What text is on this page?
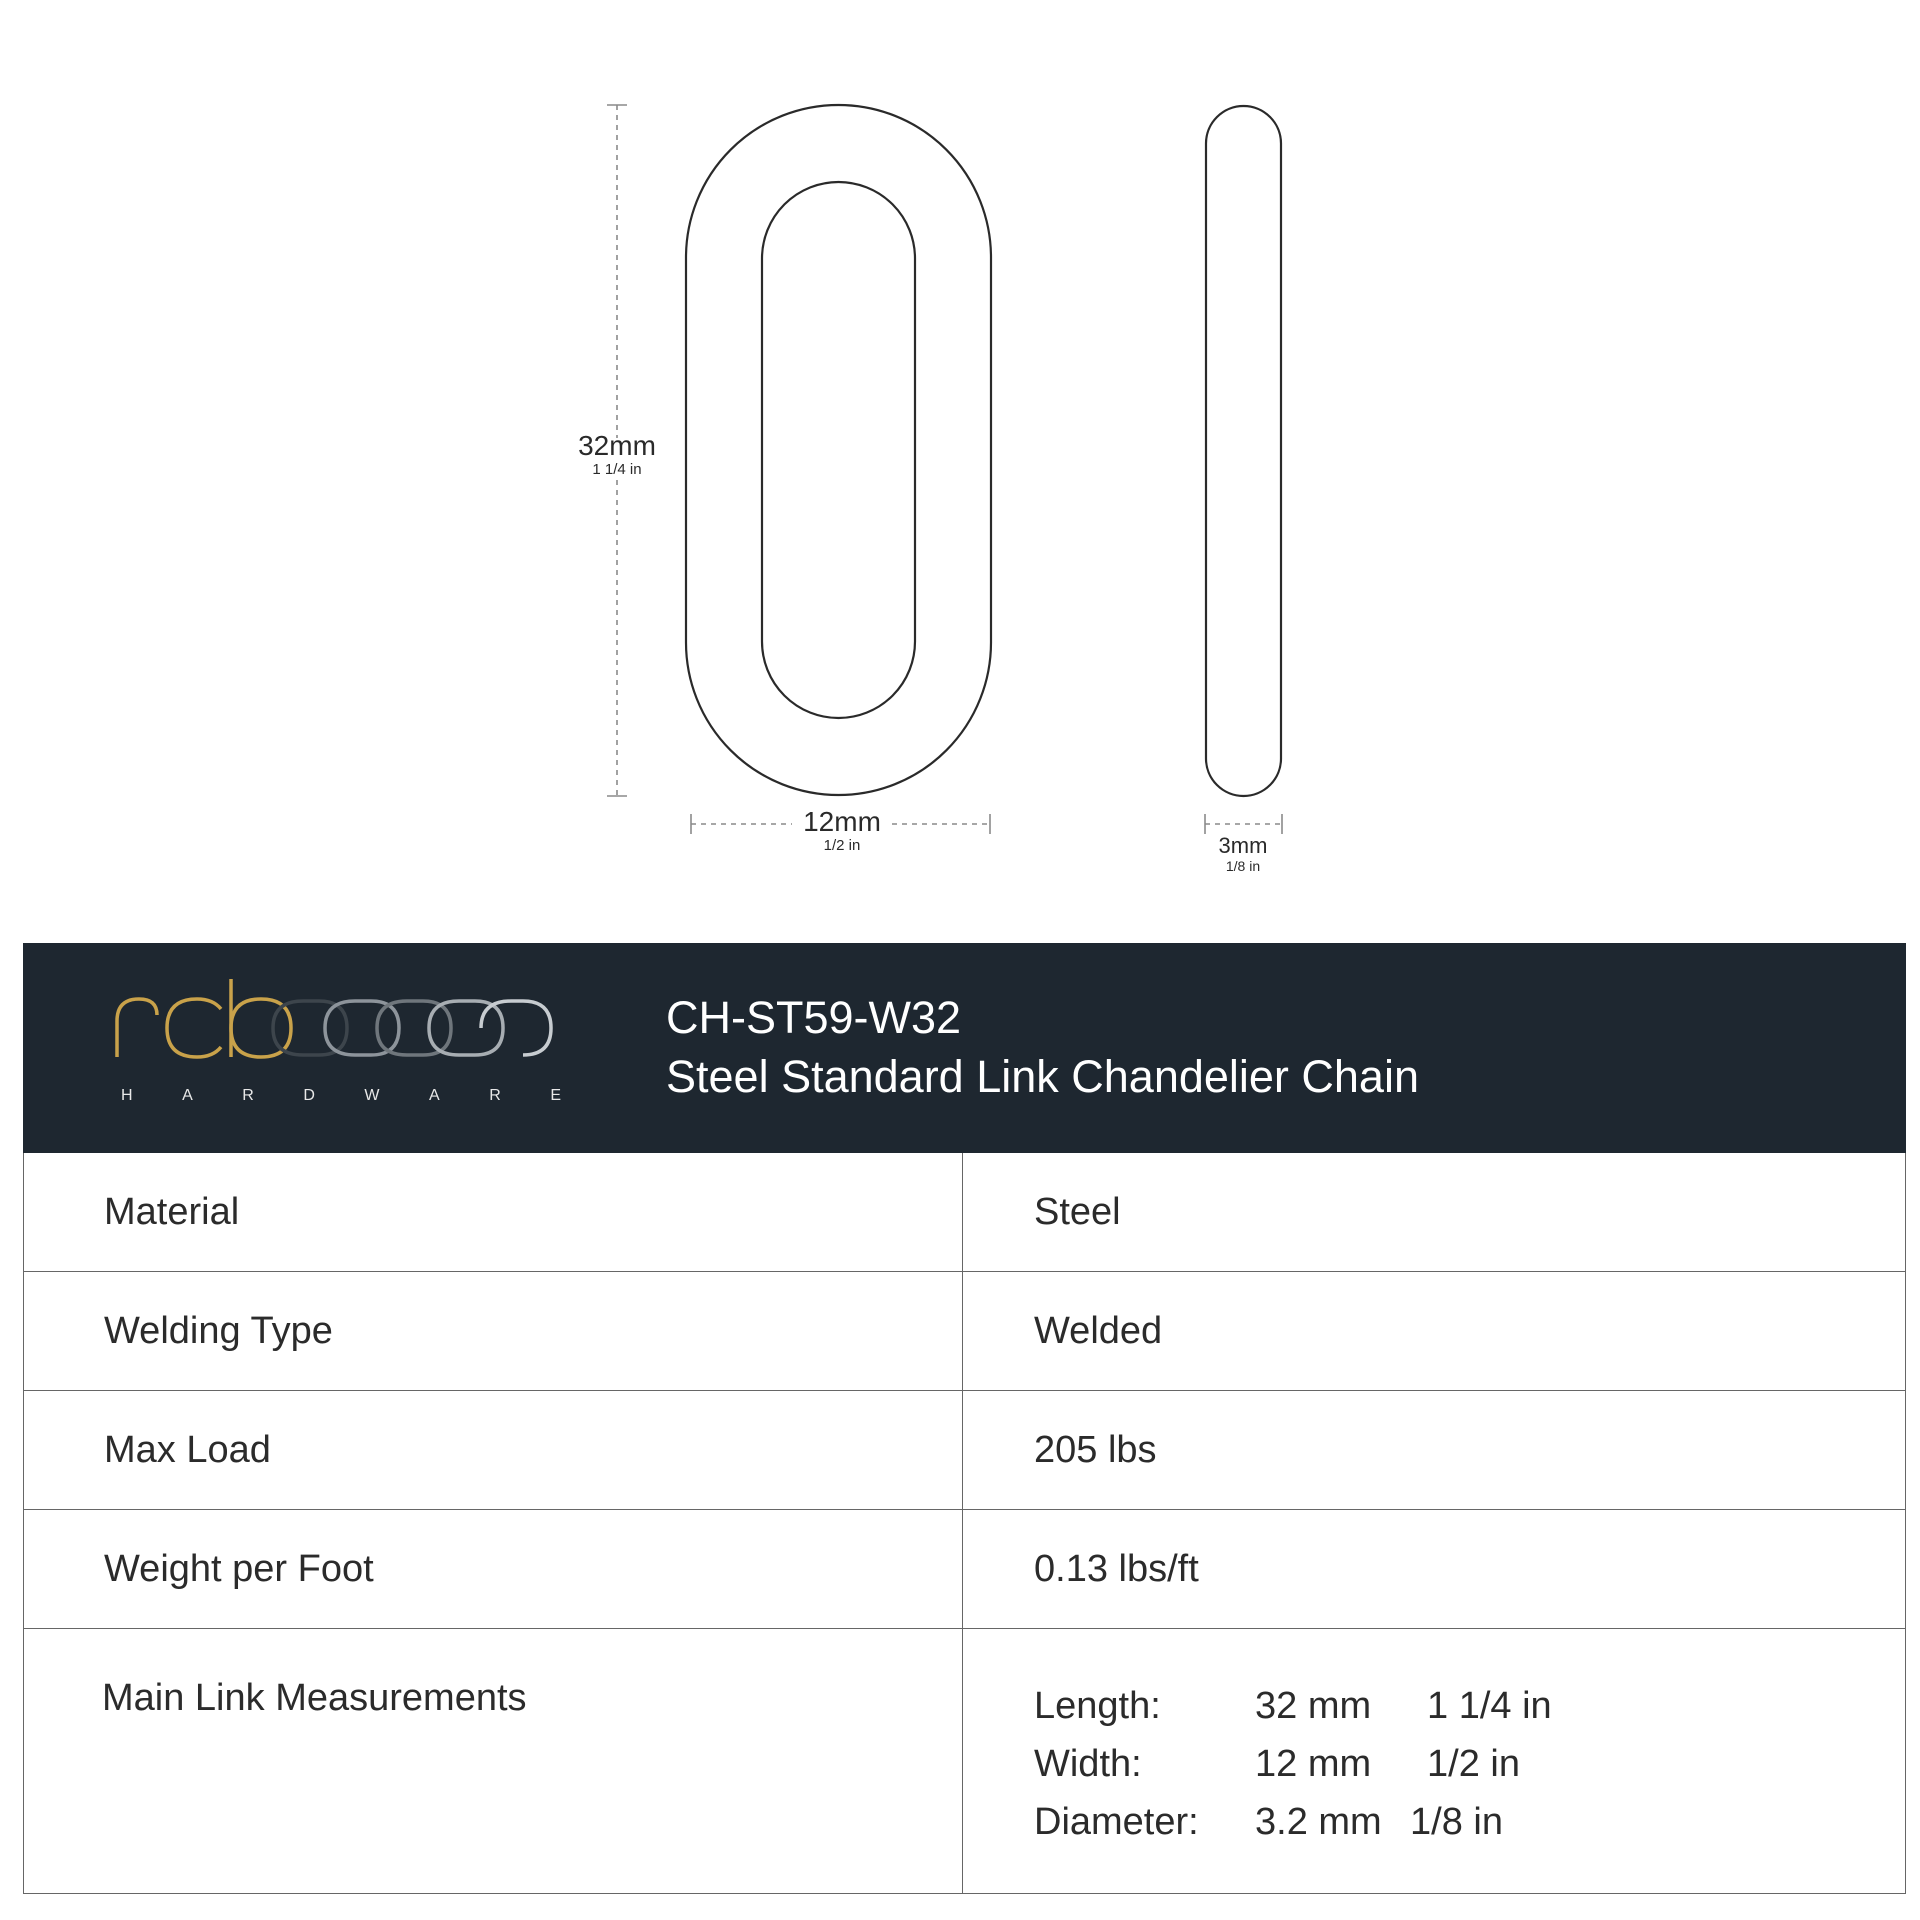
32mm
1 1/4 in
12mm
1/2 in	3mm
1/8 in
H	A	R	D	W	A	R	E
CH-ST59-W32
Steel Standard Link Chandelier Chain
Material	Steel
Welding Type	Welded
Max Load	205 lbs
Weight per Foot	0.13 lbs/ft
Main Link Measurements	Length:	32 mm	1 1/4 in
Width:	12 mm	1/2 in
Diameter:	3.2 mm 1/8 in
